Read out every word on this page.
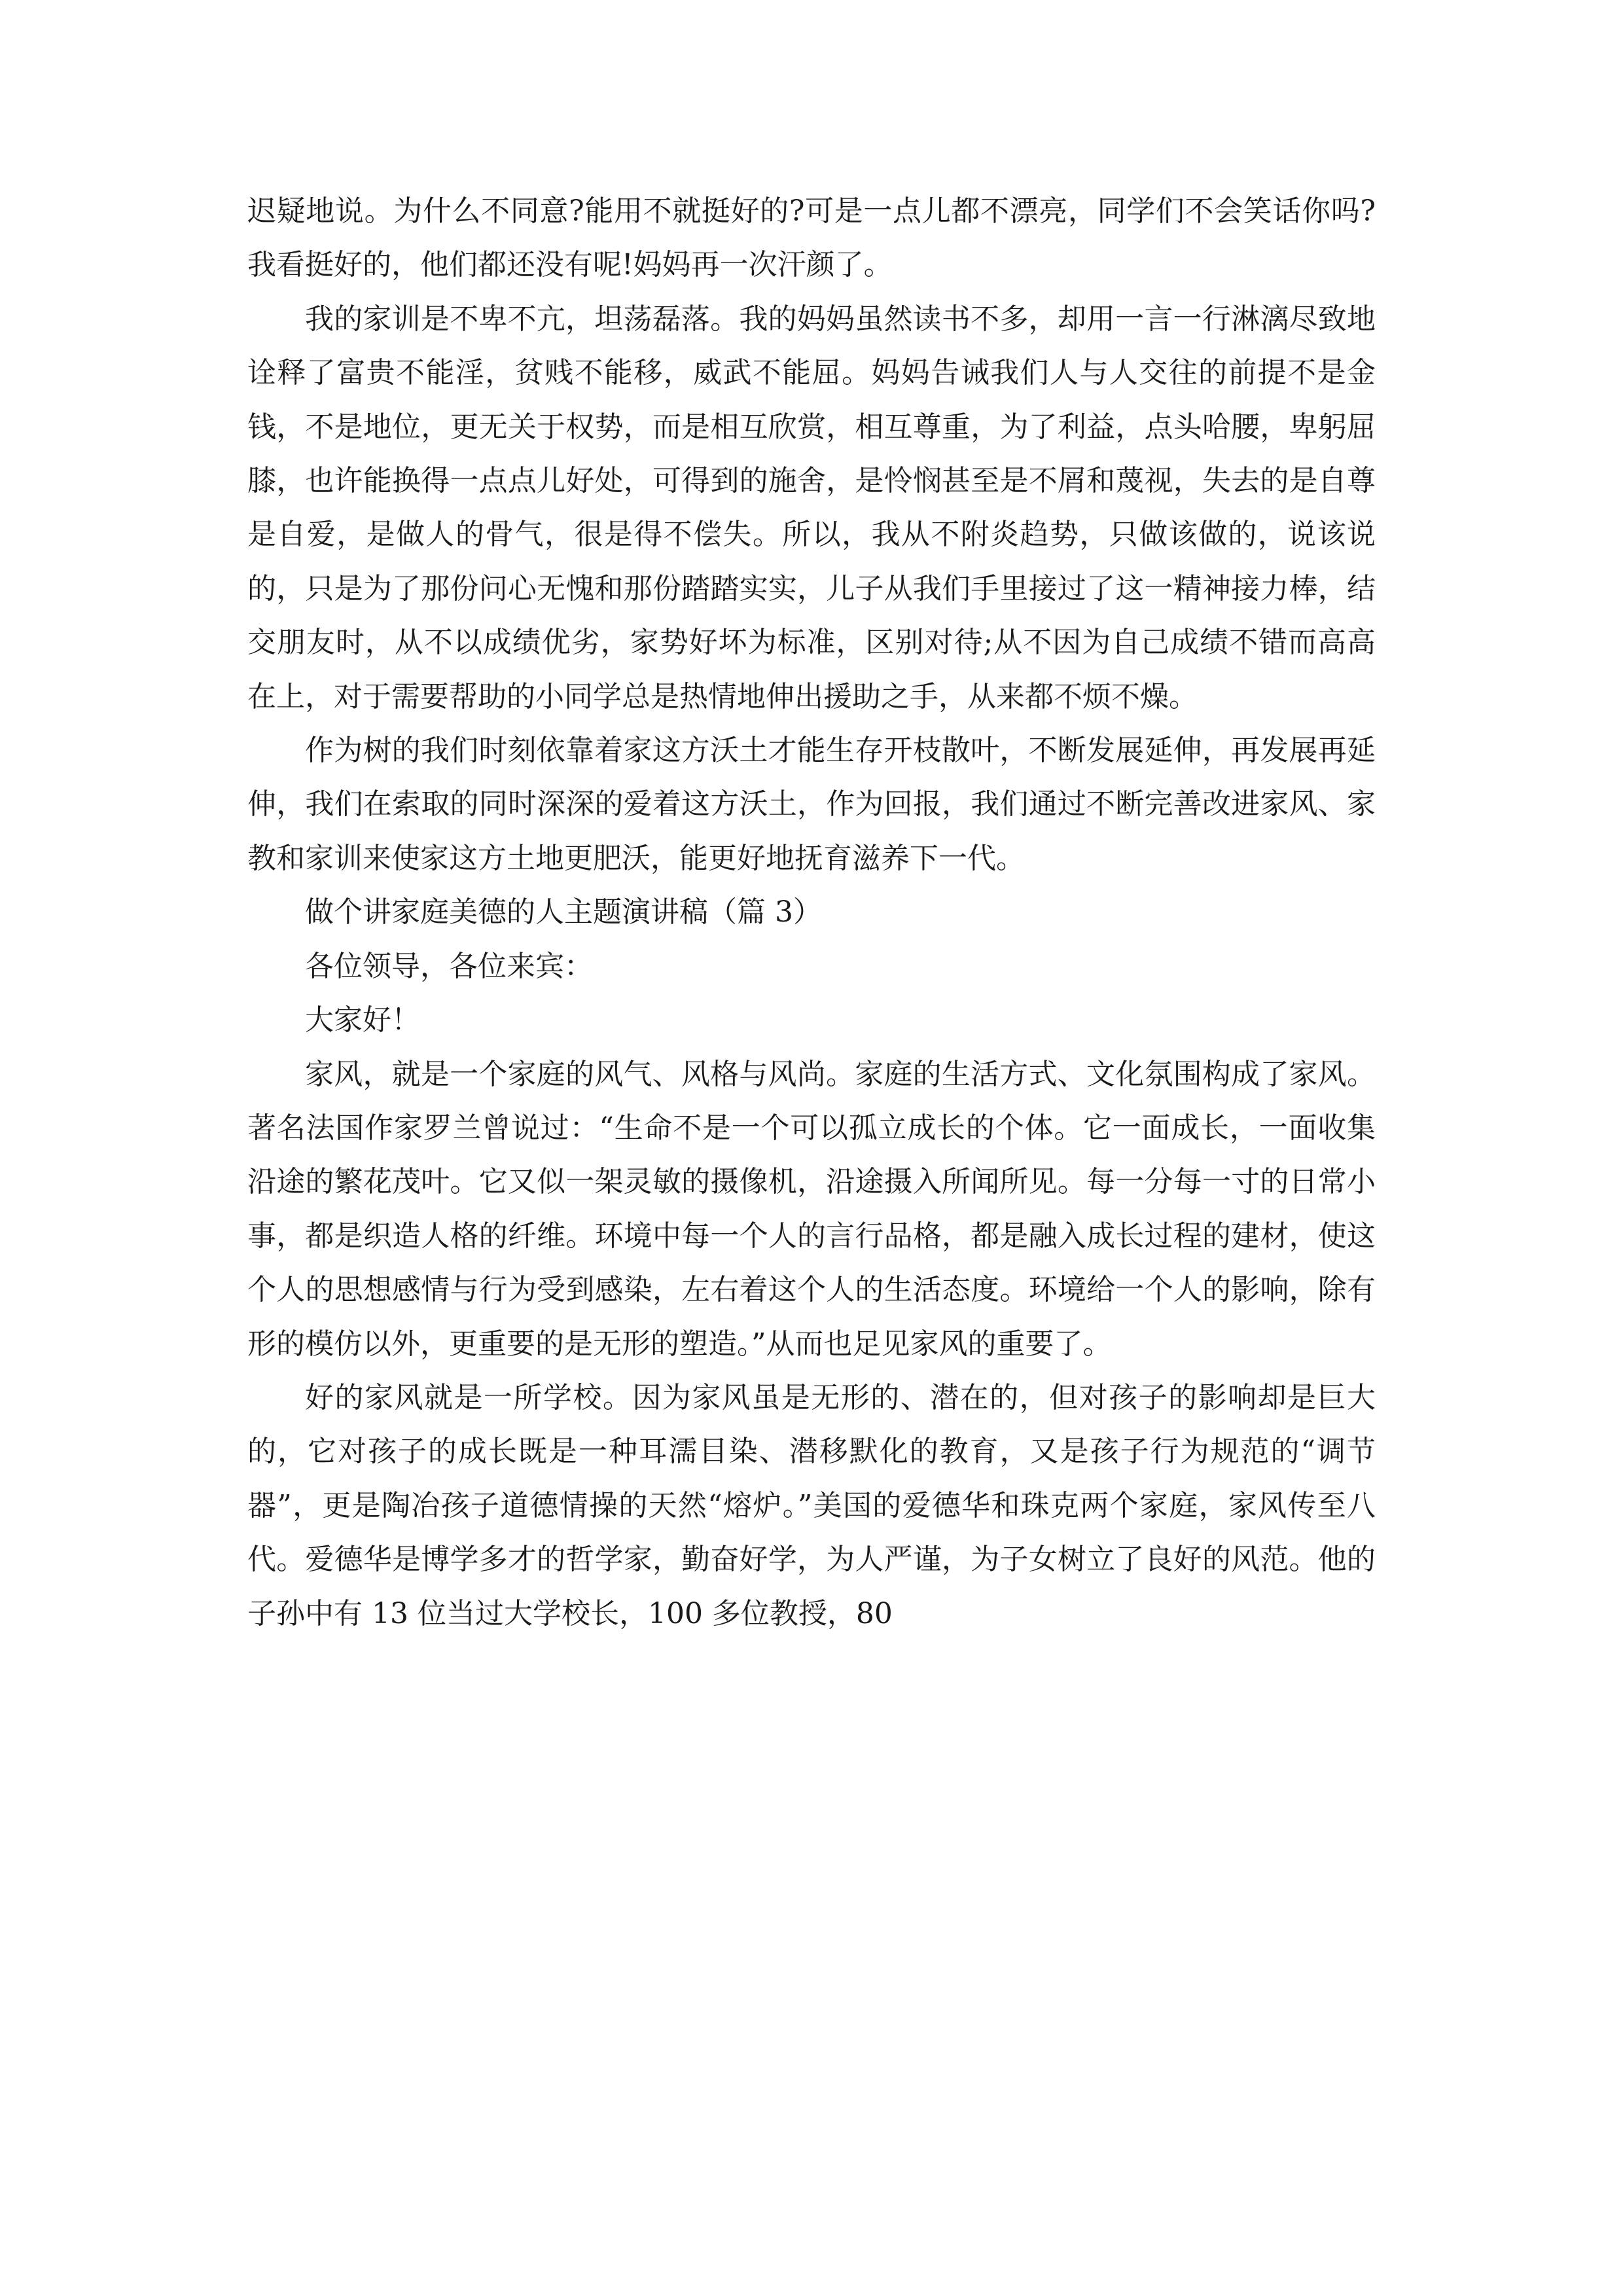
迟疑地说。为什么不同意?能用不就挺好的?可是一点儿都不漂亮，同学们不会笑话你吗?我看挺好的，他们都还没有呢!妈妈再一次汗颜了。

我的家训是不卑不亢，坦荡磊落。我的妈妈虽然读书不多，却用一言一行淋漓尽致地诠释了富贵不能淫，贫贱不能移，威武不能屈。妈妈告诫我们人与人交往的前提不是金钱，不是地位，更无关于权势，而是相互欣赏，相互尊重，为了利益，点头哈腰，卑躬屈膝，也许能换得一点点儿好处，可得到的施舍，是怜悯甚至是不屑和蔑视，失去的是自尊是自爱，是做人的骨气，很是得不偿失。所以，我从不附炎趋势，只做该做的，说该说的，只是为了那份问心无愧和那份踏踏实实，儿子从我们手里接过了这一精神接力棒，结交朋友时，从不以成绩优劣，家势好坏为标准，区别对待;从不因为自己成绩不错而高高在上，对于需要帮助的小同学总是热情地伸出援助之手，从来都不烦不燥。

作为树的我们时刻依靠着家这方沃土才能生存开枝散叶，不断发展延伸，再发展再延伸，我们在索取的同时深深的爱着这方沃土，作为回报，我们通过不断完善改进家风、家教和家训来使家这方土地更肥沃，能更好地抚育滋养下一代。

做个讲家庭美德的人主题演讲稿（篇 3）

各位领导，各位来宾：

大家好！

家风，就是一个家庭的风气、风格与风尚。家庭的生活方式、文化氛围构成了家风。著名法国作家罗兰曾说过：“生命不是一个可以孤立成长的个体。它一面成长，一面收集沿途的繁花茂叶。它又似一架灵敏的摄像机，沿途摄入所闻所见。每一分每一寸的日常小事，都是织造人格的纤维。环境中每一个人的言行品格，都是融入成长过程的建材，使这个人的思想感情与行为受到感染，左右着这个人的生活态度。环境给一个人的影响，除有形的模仿以外，更重要的是无形的塑造。”从而也足见家风的重要了。

好的家风就是一所学校。因为家风虽是无形的、潜在的，但对孩子的影响却是巨大的，它对孩子的成长既是一种耳濡目染、潜移默化的教育，又是孩子行为规范的“调节器”，更是陶冶孩子道德情操的天然“熔炉。”美国的爱德华和珠克两个家庭，家风传至八代。爱德华是博学多才的哲学家，勤奋好学，为人严谨，为子女树立了良好的风范。他的子孙中有 13 位当过大学校长，100 多位教授，80
